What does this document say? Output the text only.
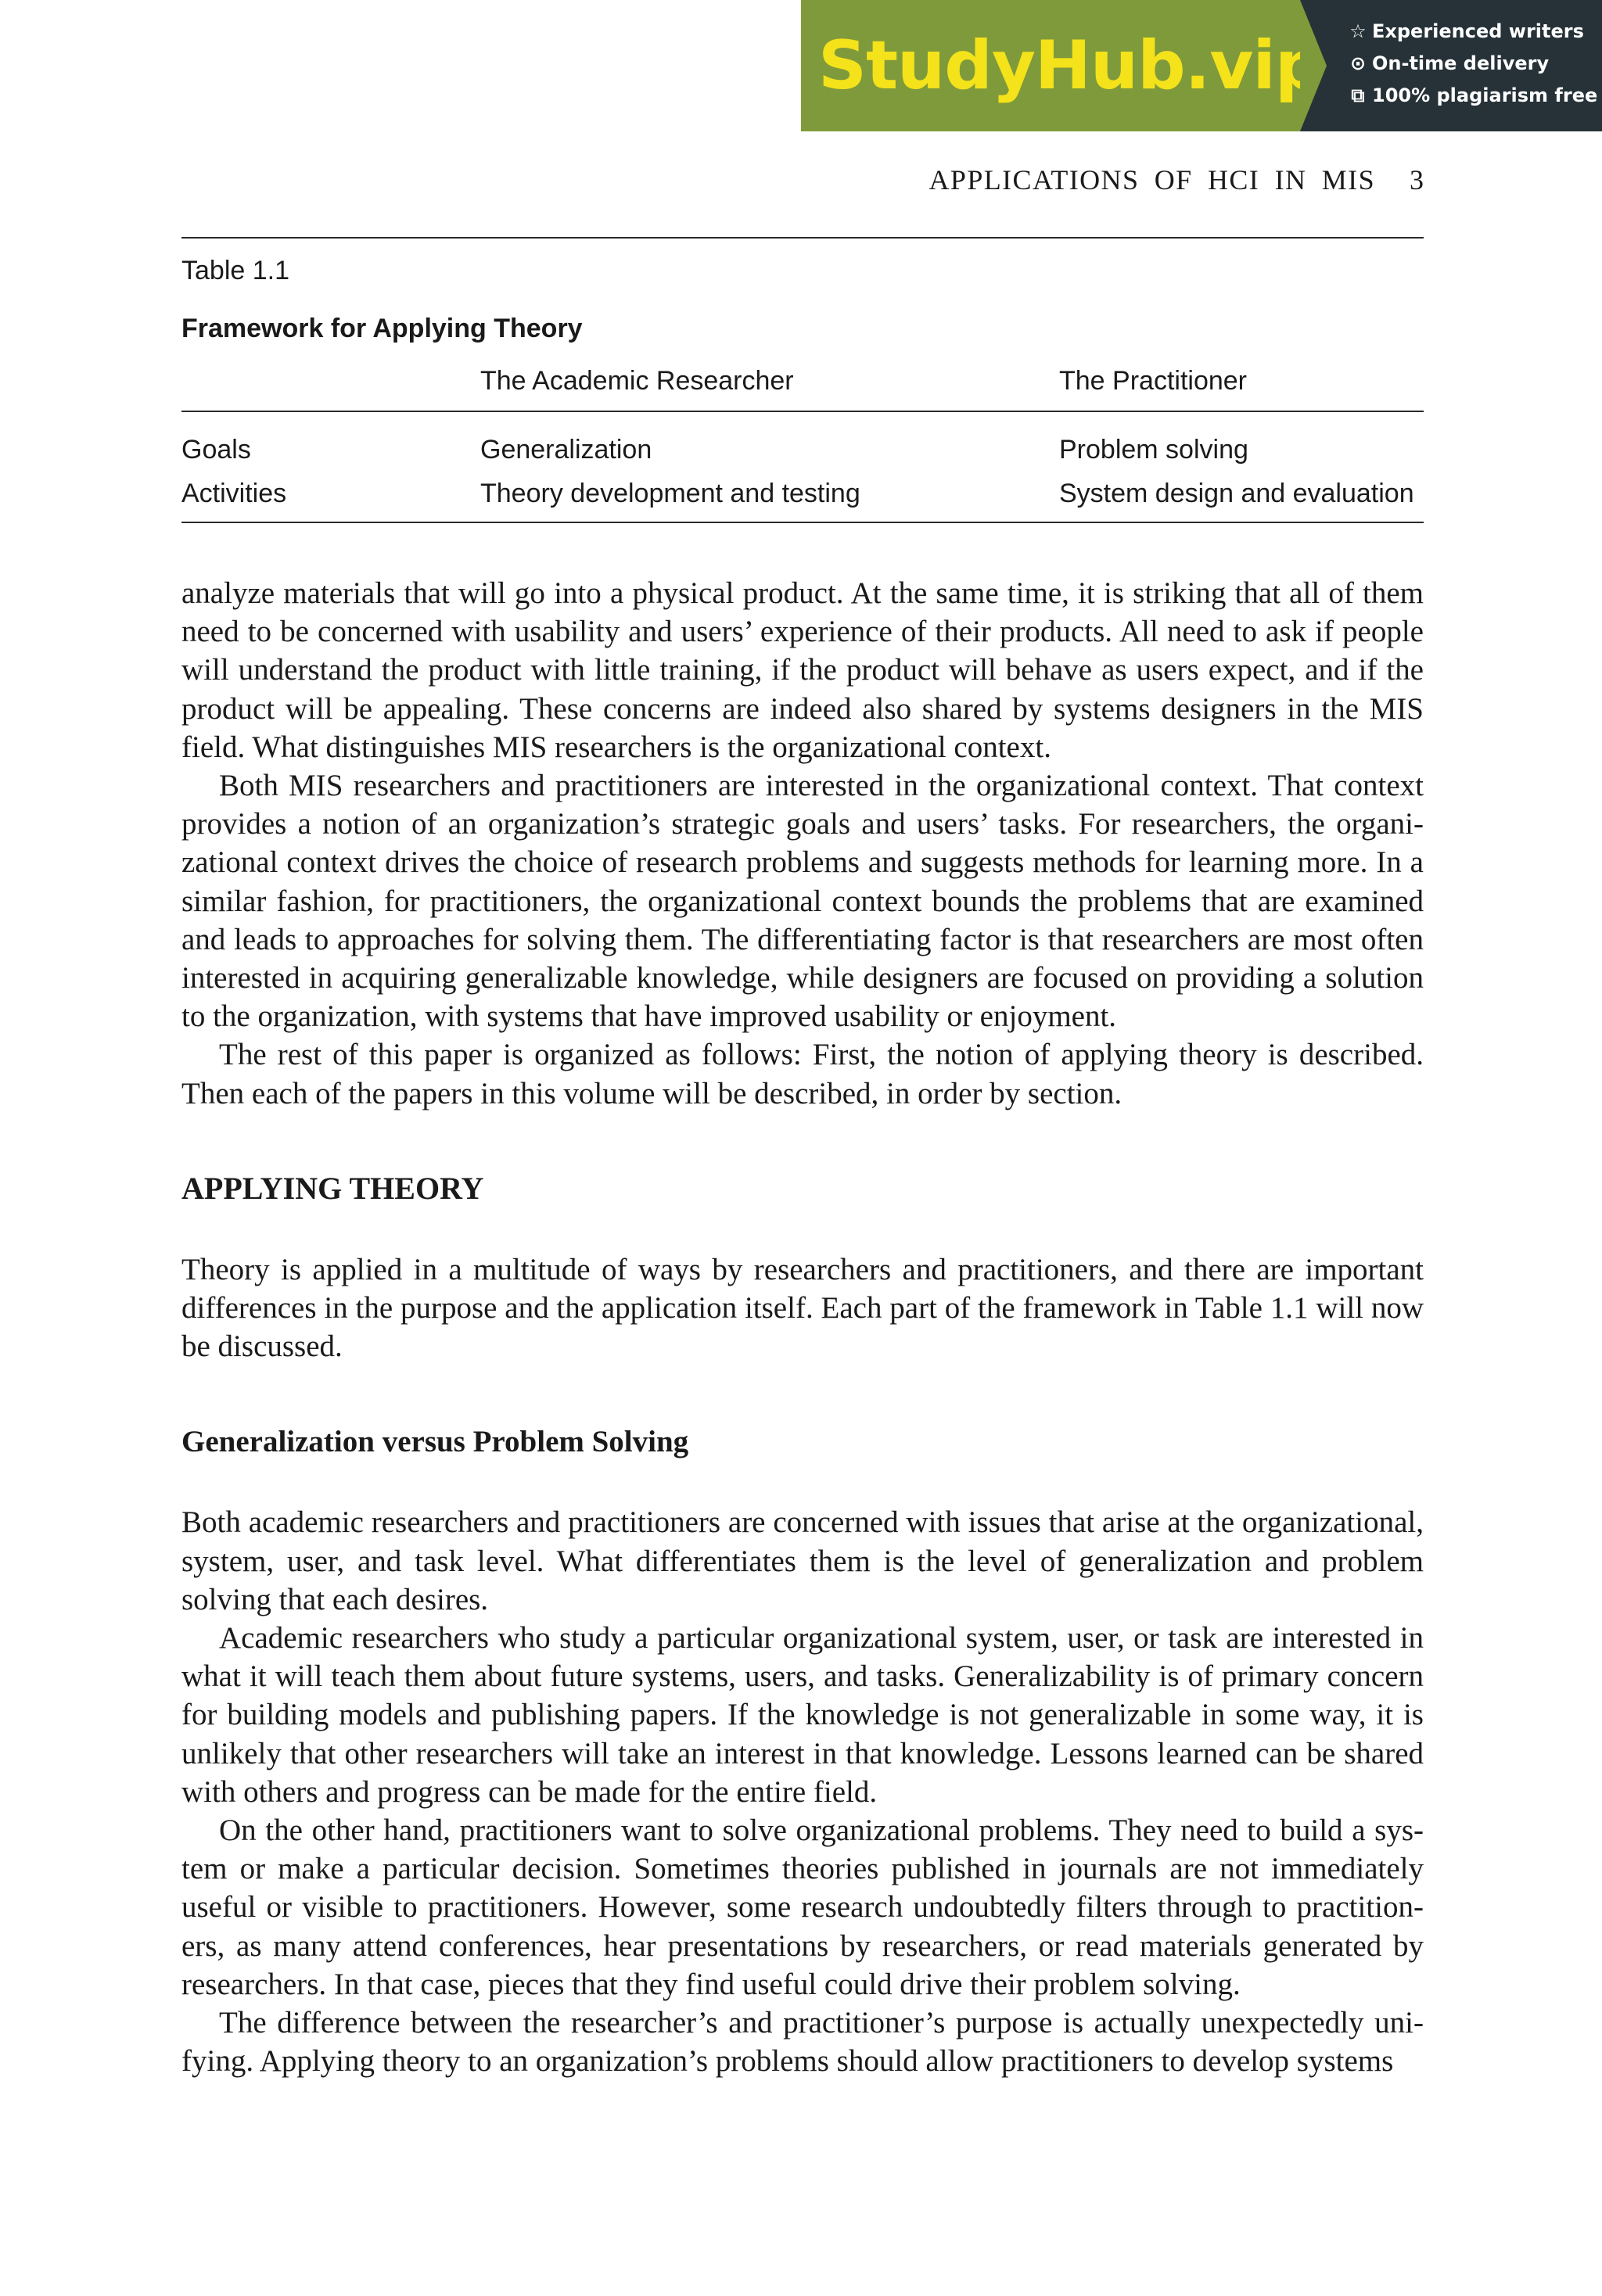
StudyHub.vip ☆ Experienced writers
⊙ On-time delivery
⧉ 100% plagiarism free
APPLICATIONS OF HCI IN MIS 3
Table 1.1
Framework for Applying Theory
	The Academic Researcher	The Practitioner
Goals	Generalization	Problem solving
Activities	Theory development and testing	System design and evaluation

analyze materials that will go into a physical product. At the same time, it is striking that all of them need to be concerned with usability and users’ experience of their products. All need to ask if people will understand the product with little training, if the product will behave as users expect, and if the product will be appealing. These concerns are indeed also shared by systems designers in the MIS field. What distinguishes MIS researchers is the organizational context.

Both MIS researchers and practitioners are interested in the organizational context. That context provides a notion of an organization’s strategic goals and users’ tasks. For researchers, the organizational context drives the choice of research problems and suggests methods for learning more. In a similar fashion, for practitioners, the organizational context bounds the problems that are examined and leads to approaches for solving them. The differentiating factor is that researchers are most often interested in acquiring generalizable knowledge, while designers are focused on providing a solution to the organization, with systems that have improved usability or enjoyment.

The rest of this paper is organized as follows: First, the notion of applying theory is described. Then each of the papers in this volume will be described, in order by section.

APPLYING THEORY

Theory is applied in a multitude of ways by researchers and practitioners, and there are important differences in the purpose and the application itself. Each part of the framework in Table 1.1 will now be discussed.

Generalization versus Problem Solving

Both academic researchers and practitioners are concerned with issues that arise at the organizational, system, user, and task level. What differentiates them is the level of generalization and problem solving that each desires.

Academic researchers who study a particular organizational system, user, or task are interested in what it will teach them about future systems, users, and tasks. Generalizability is of primary concern for building models and publishing papers. If the knowledge is not generalizable in some way, it is unlikely that other researchers will take an interest in that knowledge. Lessons learned can be shared with others and progress can be made for the entire field.

On the other hand, practitioners want to solve organizational problems. They need to build a system or make a particular decision. Sometimes theories published in journals are not immediately useful or visible to practitioners. However, some research undoubtedly filters through to practitioners, as many attend conferences, hear presentations by researchers, or read materials generated by researchers. In that case, pieces that they find useful could drive their problem solving.

The difference between the researcher’s and practitioner’s purpose is actually unexpectedly unifying. Applying theory to an organization’s problems should allow practitioners to develop systems
